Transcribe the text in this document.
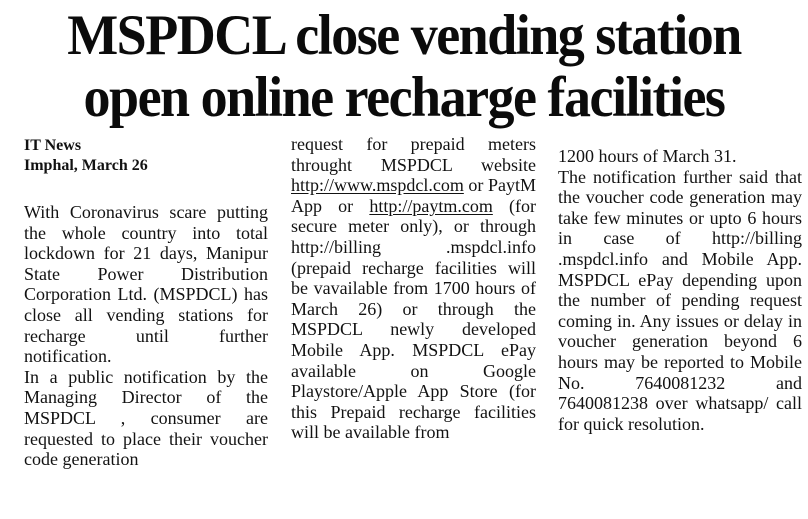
MSPDCL close vending station
open online recharge facilities

IT News

Imphal, March 26

With Coronavirus scare putting the whole country into total lockdown for 21 days, Manipur State Power Distribution Corporation Ltd. (MSPDCL) has close all vending stations for recharge until further notification.

In a public notification by the Managing Director of the MSPDCL , consumer are requested to place their voucher code generation

request for prepaid meters throught MSPDCL website http://www.mspdcl.com or PaytM App or http://paytm.com (for secure meter only), or through http://billing .mspdcl.info (prepaid recharge facilities will be vavailable from 1700 hours of March 26) or through the MSPDCL newly developed Mobile App. MSPDCL ePay available on Google Playstore/Apple App Store (for this Prepaid recharge facilities will be available from

1200 hours of March 31.

The notification further said that the voucher code generation may take few minutes or upto 6 hours in case of http://billing .mspdcl.info and Mobile App. MSPDCL ePay depending upon the number of pending request coming in. Any issues or delay in voucher generation beyond 6 hours may be reported to Mobile No. 7640081232 and 7640081238 over whatsapp/ call for quick resolution.
